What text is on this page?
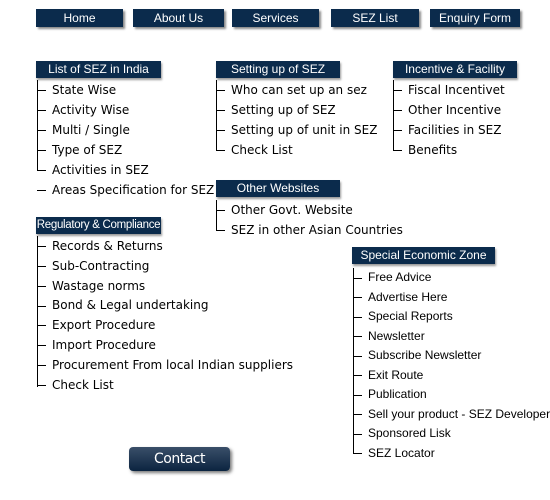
Home	About Us	Services	SEZ List	Enquiry Form
List of SEZ in India
State Wise
Activity Wise
Multi / Single
Type of SEZ
Activities in SEZ
Areas Specification for SEZ
Setting up of SEZ
Who can set up an sez
Setting up of SEZ
Setting up of unit in SEZ
Check List
Incentive & Facility
Fiscal Incentivet
Other Incentive
Facilities in SEZ
Benefits
Other Websites
Other Govt. Website
SEZ in other Asian Countries
Regulatory & Compliance
Records & Returns
Sub-Contracting
Wastage norms
Bond & Legal undertaking
Export Procedure
Import Procedure
Procurement From local Indian suppliers
Check List
Special Economic Zone
Free Advice
Advertise Here
Special Reports
Newsletter
Subscribe Newsletter
Exit Route
Publication
Sell your product - SEZ Developer
Sponsored Lisk
SEZ Locator
Contact
